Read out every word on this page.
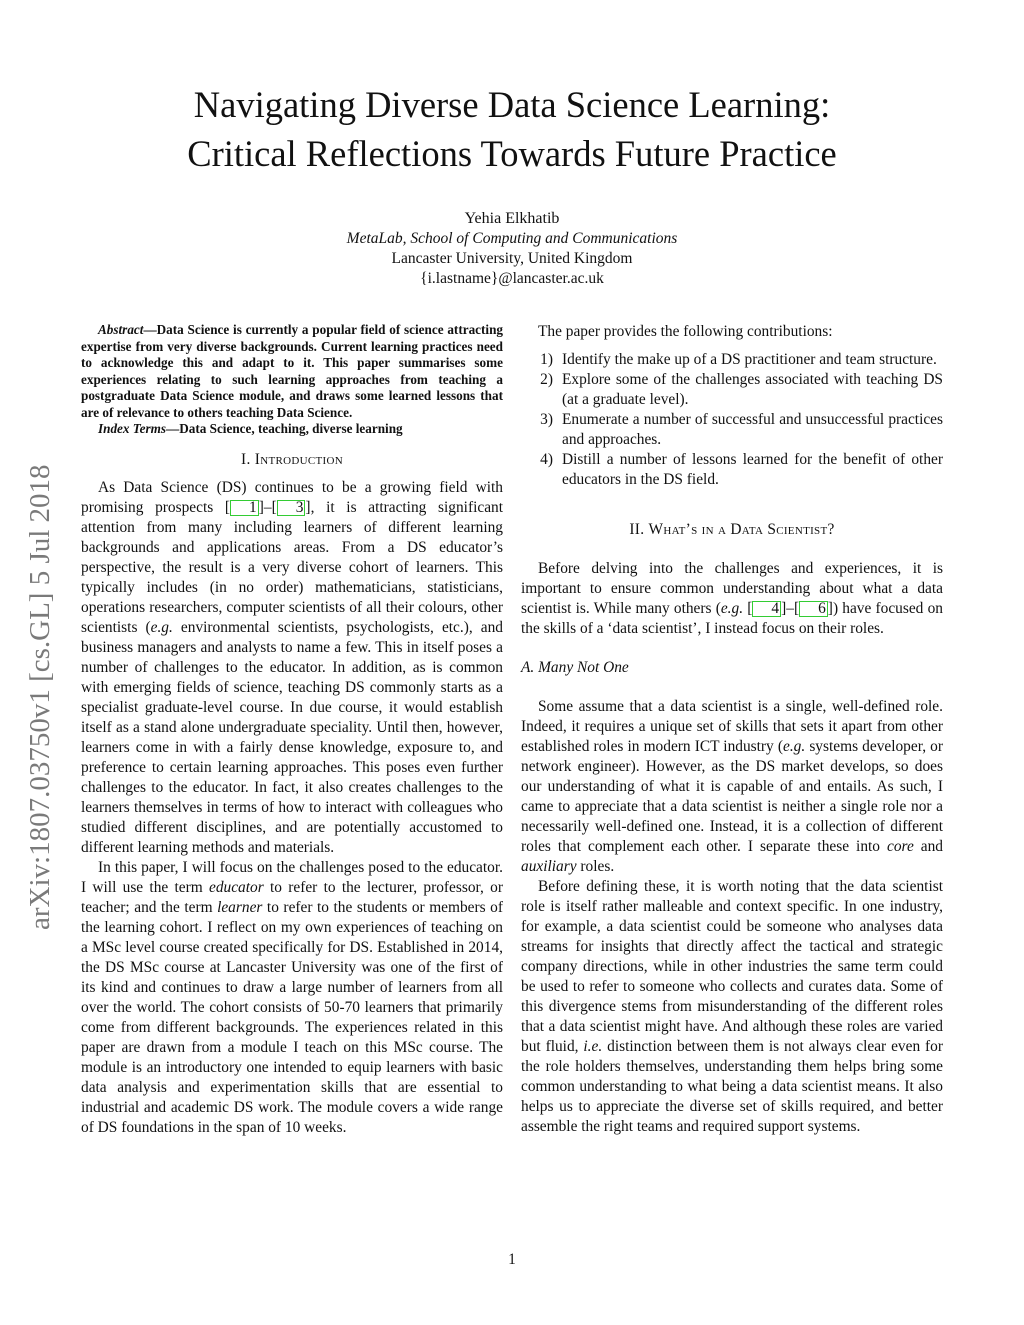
arXiv:1807.03750v1 [cs.GL] 5 Jul 2018
Navigating Diverse Data Science Learning:
Critical Reflections Towards Future Practice
Yehia Elkhatib
MetaLab, School of Computing and Communications
Lancaster University, United Kingdom
{i.lastname}@lancaster.ac.uk

Abstract—Data Science is currently a popular field of science attracting expertise from very diverse backgrounds. Current learning practices need to acknowledge this and adapt to it. This paper summarises some experiences relating to such learning approaches from teaching a postgraduate Data Science module, and draws some learned lessons that are of relevance to others teaching Data Science.

Index Terms—Data Science, teaching, diverse learning

I. Introduction

As Data Science (DS) continues to be a growing field with promising prospects [ 1 ]–[ 3 ], it is attracting significant attention from many including learners of different learning backgrounds and applications areas. From a DS educator’s perspective, the result is a very diverse cohort of learners. This typically includes (in no order) mathematicians, statisticians, operations researchers, computer scientists of all their colours, other scientists (e.g. environmental scientists, psychologists, etc.), and business managers and analysts to name a few. This in itself poses a number of challenges to the educator. In addition, as is common with emerging fields of science, teaching DS commonly starts as a specialist graduate-level course. In due course, it would establish itself as a stand alone undergraduate speciality. Until then, however, learners come in with a fairly dense knowledge, exposure to, and preference to certain learning approaches. This poses even further challenges to the educator. In fact, it also creates challenges to the learners themselves in terms of how to interact with colleagues who studied different disciplines, and are potentially accustomed to different learning methods and materials.

In this paper, I will focus on the challenges posed to the educator. I will use the term educator to refer to the lecturer, professor, or teacher; and the term learner to refer to the students or members of the learning cohort. I reflect on my own experiences of teaching on a MSc level course created specifically for DS. Established in 2014, the DS MSc course at Lancaster University was one of the first of its kind and continues to draw a large number of learners from all over the world. The cohort consists of 50-70 learners that primarily come from different backgrounds. The experiences related in this paper are drawn from a module I teach on this MSc course. The module is an introductory one intended to equip learners with basic data analysis and experimentation skills that are essential to industrial and academic DS work. The module covers a wide range of DS foundations in the span of 10 weeks.

The paper provides the following contributions:

1) Identify the make up of a DS practitioner and team structure.
2) Explore some of the challenges associated with teaching DS (at a graduate level).
3) Enumerate a number of successful and unsuccessful practices and approaches.
4) Distill a number of lessons learned for the benefit of other educators in the DS field.
II. What’s in a Data Scientist?

Before delving into the challenges and experiences, it is important to ensure common understanding about what a data scientist is. While many others (e.g. [ 4 ]–[ 6 ]) have focused on the skills of a ‘data scientist’, I instead focus on their roles.

A. Many Not One

Some assume that a data scientist is a single, well-defined role. Indeed, it requires a unique set of skills that sets it apart from other established roles in modern ICT industry (e.g. systems developer, or network engineer). However, as the DS market develops, so does our understanding of what it is capable of and entails. As such, I came to appreciate that a data scientist is neither a single role nor a necessarily well-defined one. Instead, it is a collection of different roles that complement each other. I separate these into core and auxiliary roles.

Before defining these, it is worth noting that the data scientist role is itself rather malleable and context specific. In one industry, for example, a data scientist could be someone who analyses data streams for insights that directly affect the tactical and strategic company directions, while in other industries the same term could be used to refer to someone who collects and curates data. Some of this divergence stems from misunderstanding of the different roles that a data scientist might have. And although these roles are varied but fluid, i.e. distinction between them is not always clear even for the role holders themselves, understanding them helps bring some common understanding to what being a data scientist means. It also helps us to appreciate the diverse set of skills required, and better assemble the right teams and required support systems.

1
